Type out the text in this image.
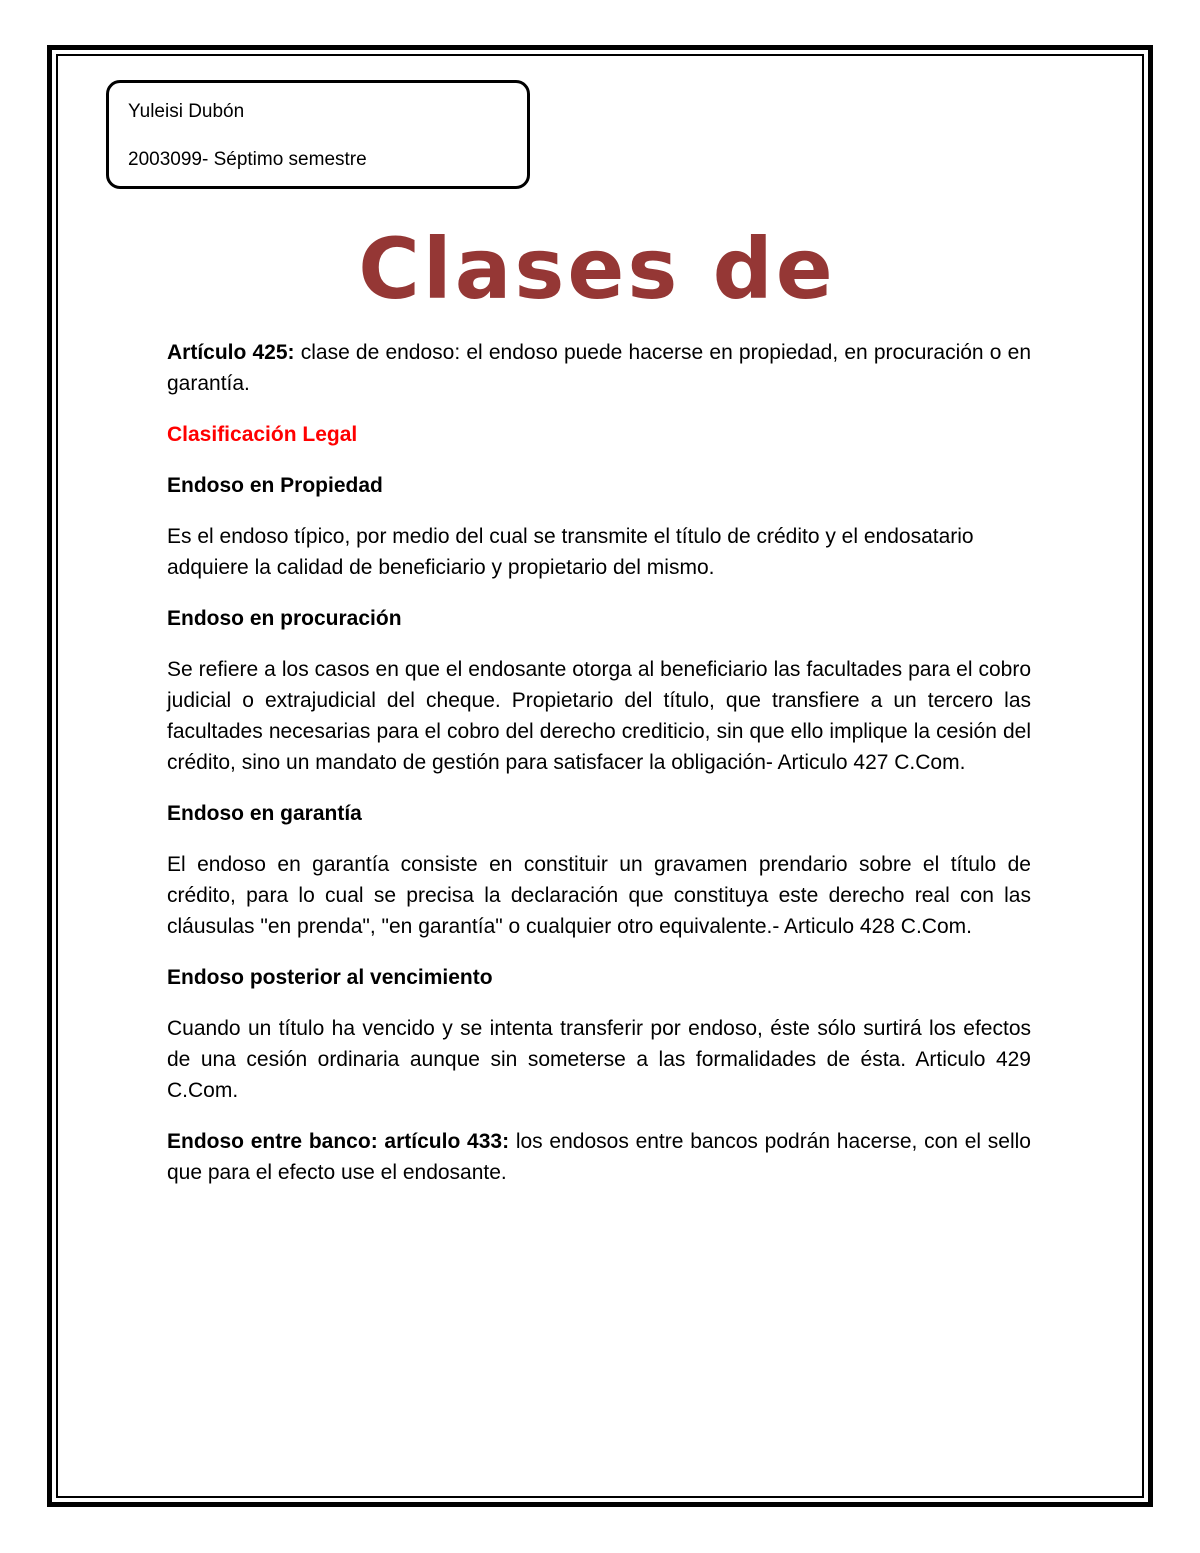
Yuleisi Dubón
2003099- Séptimo semestre
Clases de

Artículo 425: clase de endoso: el endoso puede hacerse en propiedad, en procuración o en garantía.

Clasificación Legal

Endoso en Propiedad

Es el endoso típico, por medio del cual se transmite el título de crédito y el endosatario
adquiere la calidad de beneficiario y propietario del mismo.

Endoso en procuración

Se refiere a los casos en que el endosante otorga al beneficiario las facultades para el cobro judicial o extrajudicial del cheque. Propietario del título, que transfiere a un tercero las facultades necesarias para el cobro del derecho crediticio, sin que ello implique la cesión del crédito, sino un mandato de gestión para satisfacer la obligación- Articulo 427 C.Com.

Endoso en garantía

El endoso en garantía consiste en constituir un gravamen prendario sobre el título de crédito, para lo cual se precisa la declaración que constituya este derecho real con las cláusulas "en prenda", "en garantía" o cualquier otro equivalente.- Articulo 428 C.Com.

Endoso posterior al vencimiento

Cuando un título ha vencido y se intenta transferir por endoso, éste sólo surtirá los efectos de una cesión ordinaria aunque sin someterse a las formalidades de ésta. Articulo 429 C.Com.

Endoso entre banco: artículo 433: los endosos entre bancos podrán hacerse, con el sello que para el efecto use el endosante.
